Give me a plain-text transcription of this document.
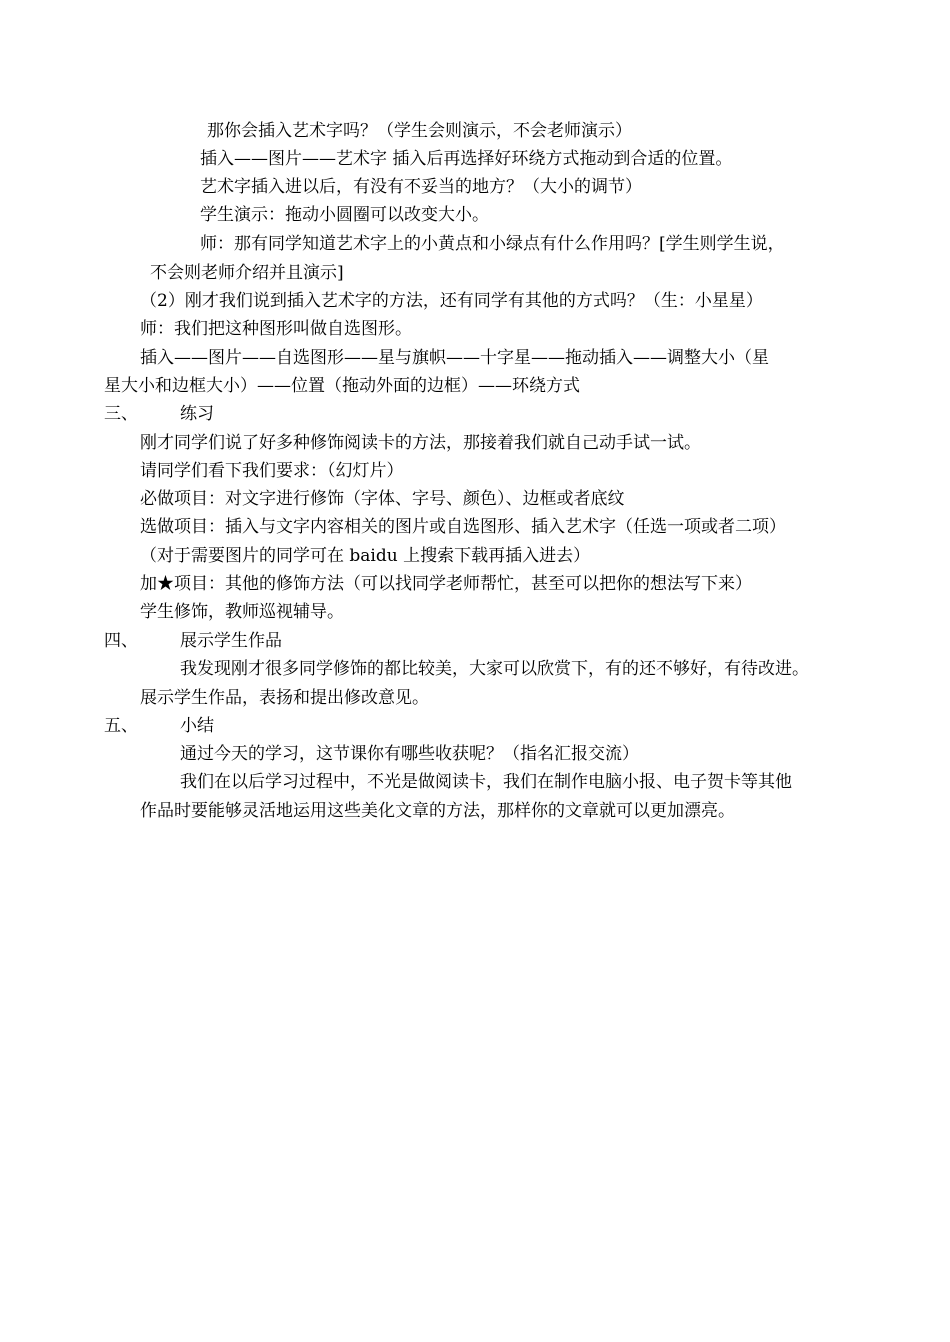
那你会插入艺术字吗？（学生会则演示，不会老师演示）
插入——图片——艺术字 插入后再选择好环绕方式拖动到合适的位置。
艺术字插入进以后，有没有不妥当的地方？（大小的调节）
学生演示：拖动小圆圈可以改变大小。
师：那有同学知道艺术字上的小黄点和小绿点有什么作用吗？[学生则学生说，
不会则老师介绍并且演示]
（2）刚才我们说到插入艺术字的方法，还有同学有其他的方式吗？（生：小星星）
师：我们把这种图形叫做自选图形。
插入——图片——自选图形——星与旗帜——十字星——拖动插入——调整大小（星
星大小和边框大小）——位置（拖动外面的边框）——环绕方式
三、 练习
刚才同学们说了好多种修饰阅读卡的方法，那接着我们就自己动手试一试。
请同学们看下我们要求：（幻灯片）
必做项目：对文字进行修饰（字体、字号、颜色）、边框或者底纹
选做项目：插入与文字内容相关的图片或自选图形、插入艺术字（任选一项或者二项）
（对于需要图片的同学可在 baidu 上搜索下载再插入进去）
加★项目：其他的修饰方法（可以找同学老师帮忙，甚至可以把你的想法写下来）
学生修饰，教师巡视辅导。
四、 展示学生作品
我发现刚才很多同学修饰的都比较美，大家可以欣赏下，有的还不够好，有待改进。
展示学生作品，表扬和提出修改意见。
五、 小结
通过今天的学习，这节课你有哪些收获呢？（指名汇报交流）
我们在以后学习过程中，不光是做阅读卡，我们在制作电脑小报、电子贺卡等其他
作品时要能够灵活地运用这些美化文章的方法，那样你的文章就可以更加漂亮。
